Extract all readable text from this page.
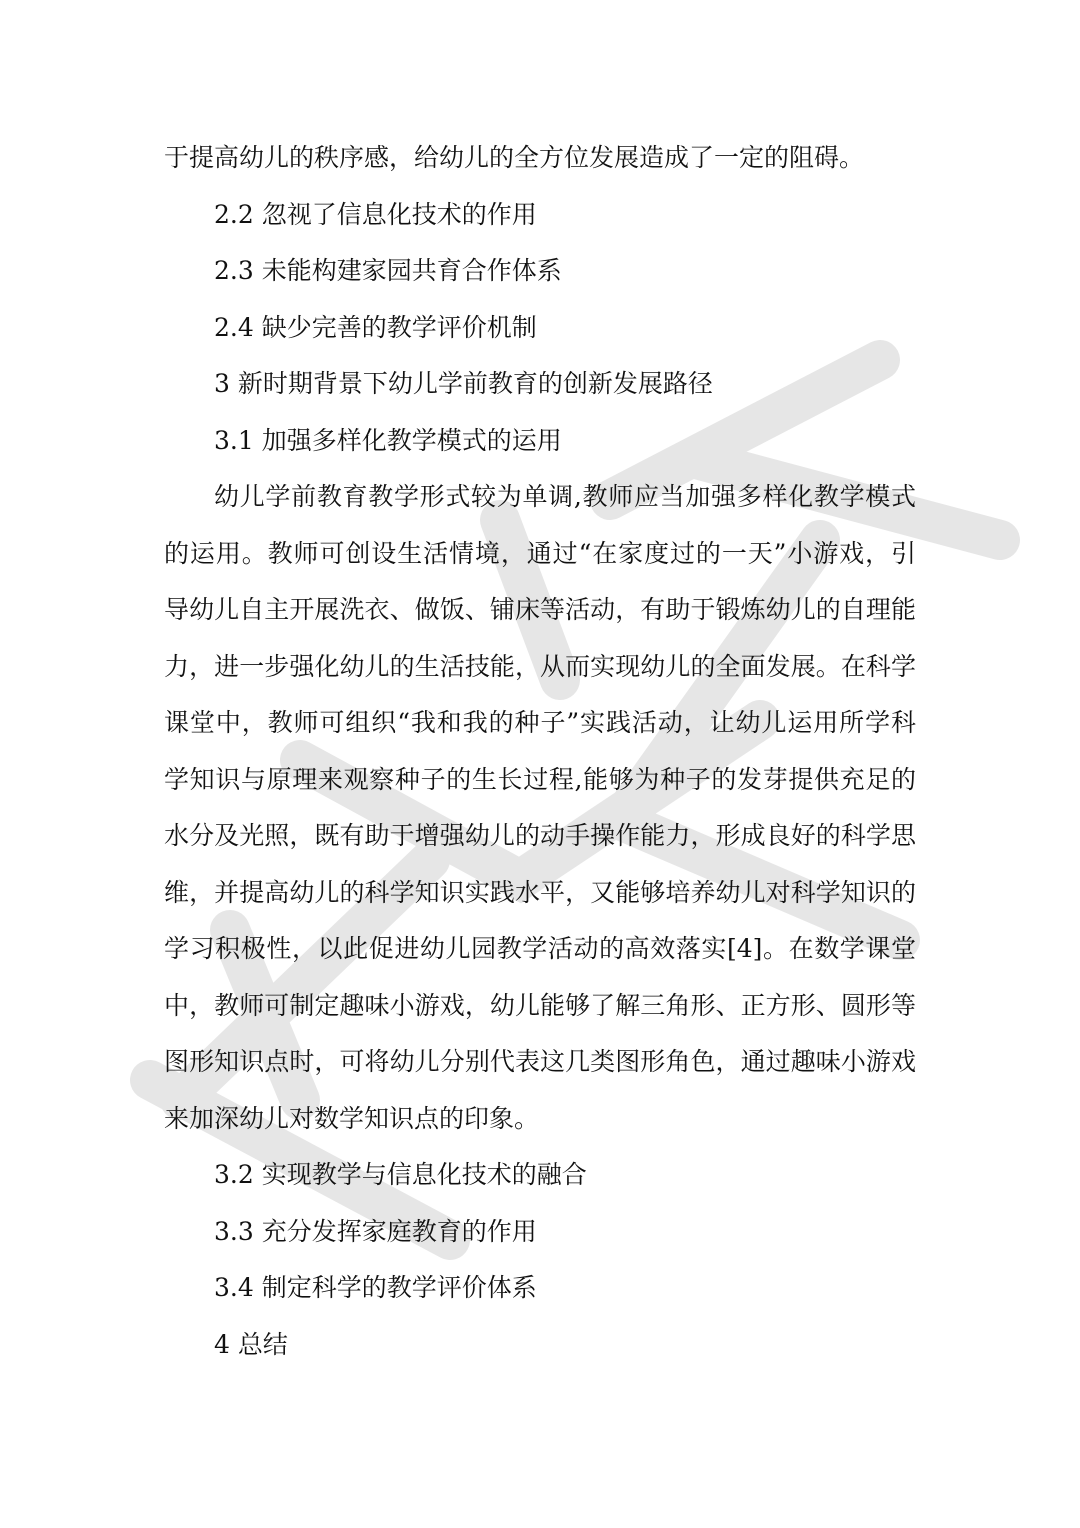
于提高幼儿的秩序感，给幼儿的全方位发展造成了一定的阻碍。
2.2 忽视了信息化技术的作用
2.3 未能构建家园共育合作体系
2.4 缺少完善的教学评价机制
3 新时期背景下幼儿学前教育的创新发展路径
3.1 加强多样化教学模式的运用
幼儿学前教育教学形式较为单调,教师应当加强多样化教学模式
的运用。教师可创设生活情境，通过“在家度过的一天”小游戏，引
导幼儿自主开展洗衣、做饭、铺床等活动，有助于锻炼幼儿的自理能
力，进一步强化幼儿的生活技能，从而实现幼儿的全面发展。在科学
课堂中，教师可组织“我和我的种子”实践活动，让幼儿运用所学科
学知识与原理来观察种子的生长过程,能够为种子的发芽提供充足的
水分及光照，既有助于增强幼儿的动手操作能力，形成良好的科学思
维，并提高幼儿的科学知识实践水平，又能够培养幼儿对科学知识的
学习积极性，以此促进幼儿园教学活动的高效落实[4]。在数学课堂
中，教师可制定趣味小游戏，幼儿能够了解三角形、正方形、圆形等
图形知识点时，可将幼儿分别代表这几类图形角色，通过趣味小游戏
来加深幼儿对数学知识点的印象。
3.2 实现教学与信息化技术的融合
3.3 充分发挥家庭教育的作用
3.4 制定科学的教学评价体系
4 总结
